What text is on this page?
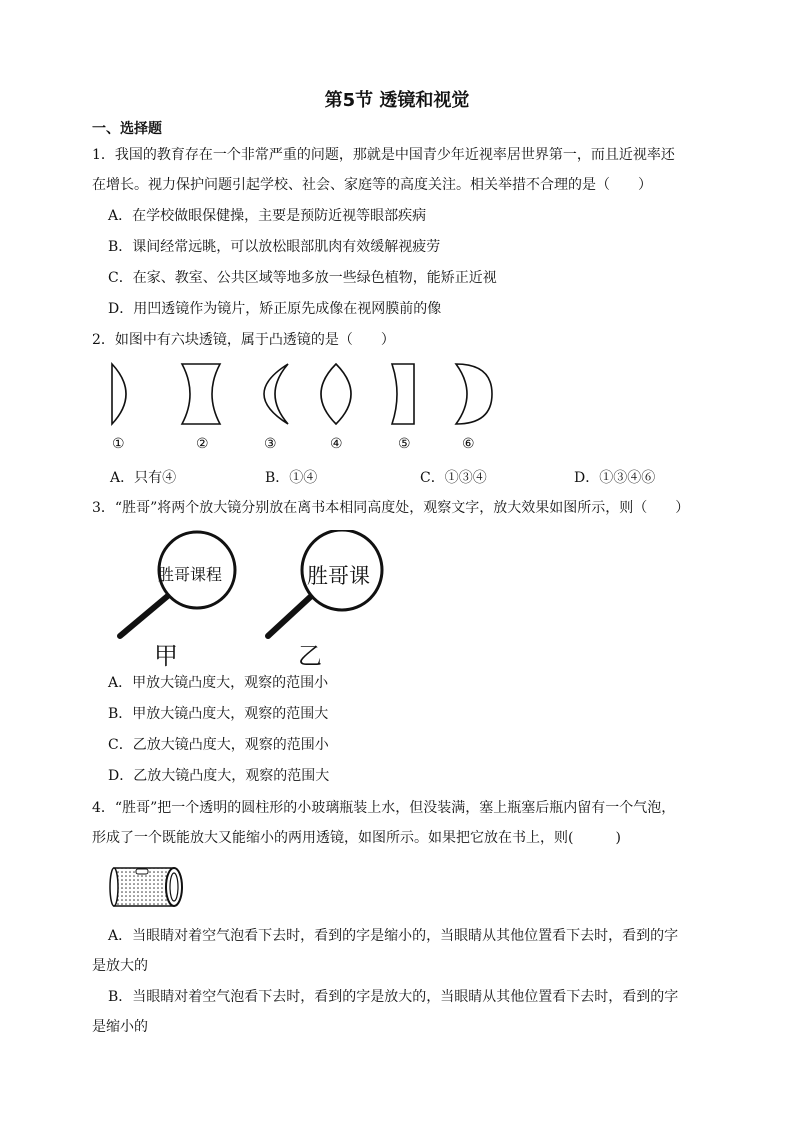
第5节 透镜和视觉
一、选择题
1．我国的教育存在一个非常严重的问题，那就是中国青少年近视率居世界第一，而且近视率还
在增长。视力保护问题引起学校、社会、家庭等的高度关注。相关举措不合理的是（　　）
A．在学校做眼保健操，主要是预防近视等眼部疾病
B．课间经常远眺，可以放松眼部肌肉有效缓解视疲劳
C．在家、教室、公共区域等地多放一些绿色植物，能矫正近视
D．用凹透镜作为镜片，矫正原先成像在视网膜前的像
2．如图中有六块透镜，属于凸透镜的是（　　）
①	②	③	④	⑤	⑥
A．只有④	B．①④	C．①③④	D．①③④⑥
3．“胜哥”将两个放大镜分别放在离书本相同高度处，观察文字，放大效果如图所示，则（　　）
胜哥课程	胜哥课
甲	乙
A．甲放大镜凸度大，观察的范围小
B．甲放大镜凸度大，观察的范围大
C．乙放大镜凸度大，观察的范围小
D．乙放大镜凸度大，观察的范围大
4．“胜哥”把一个透明的圆柱形的小玻璃瓶装上水，但没装满，塞上瓶塞后瓶内留有一个气泡，
形成了一个既能放大又能缩小的两用透镜，如图所示。如果把它放在书上，则(　　　)
A．当眼睛对着空气泡看下去时，看到的字是缩小的，当眼睛从其他位置看下去时，看到的字
是放大的
B．当眼睛对着空气泡看下去时，看到的字是放大的，当眼睛从其他位置看下去时，看到的字
是缩小的
